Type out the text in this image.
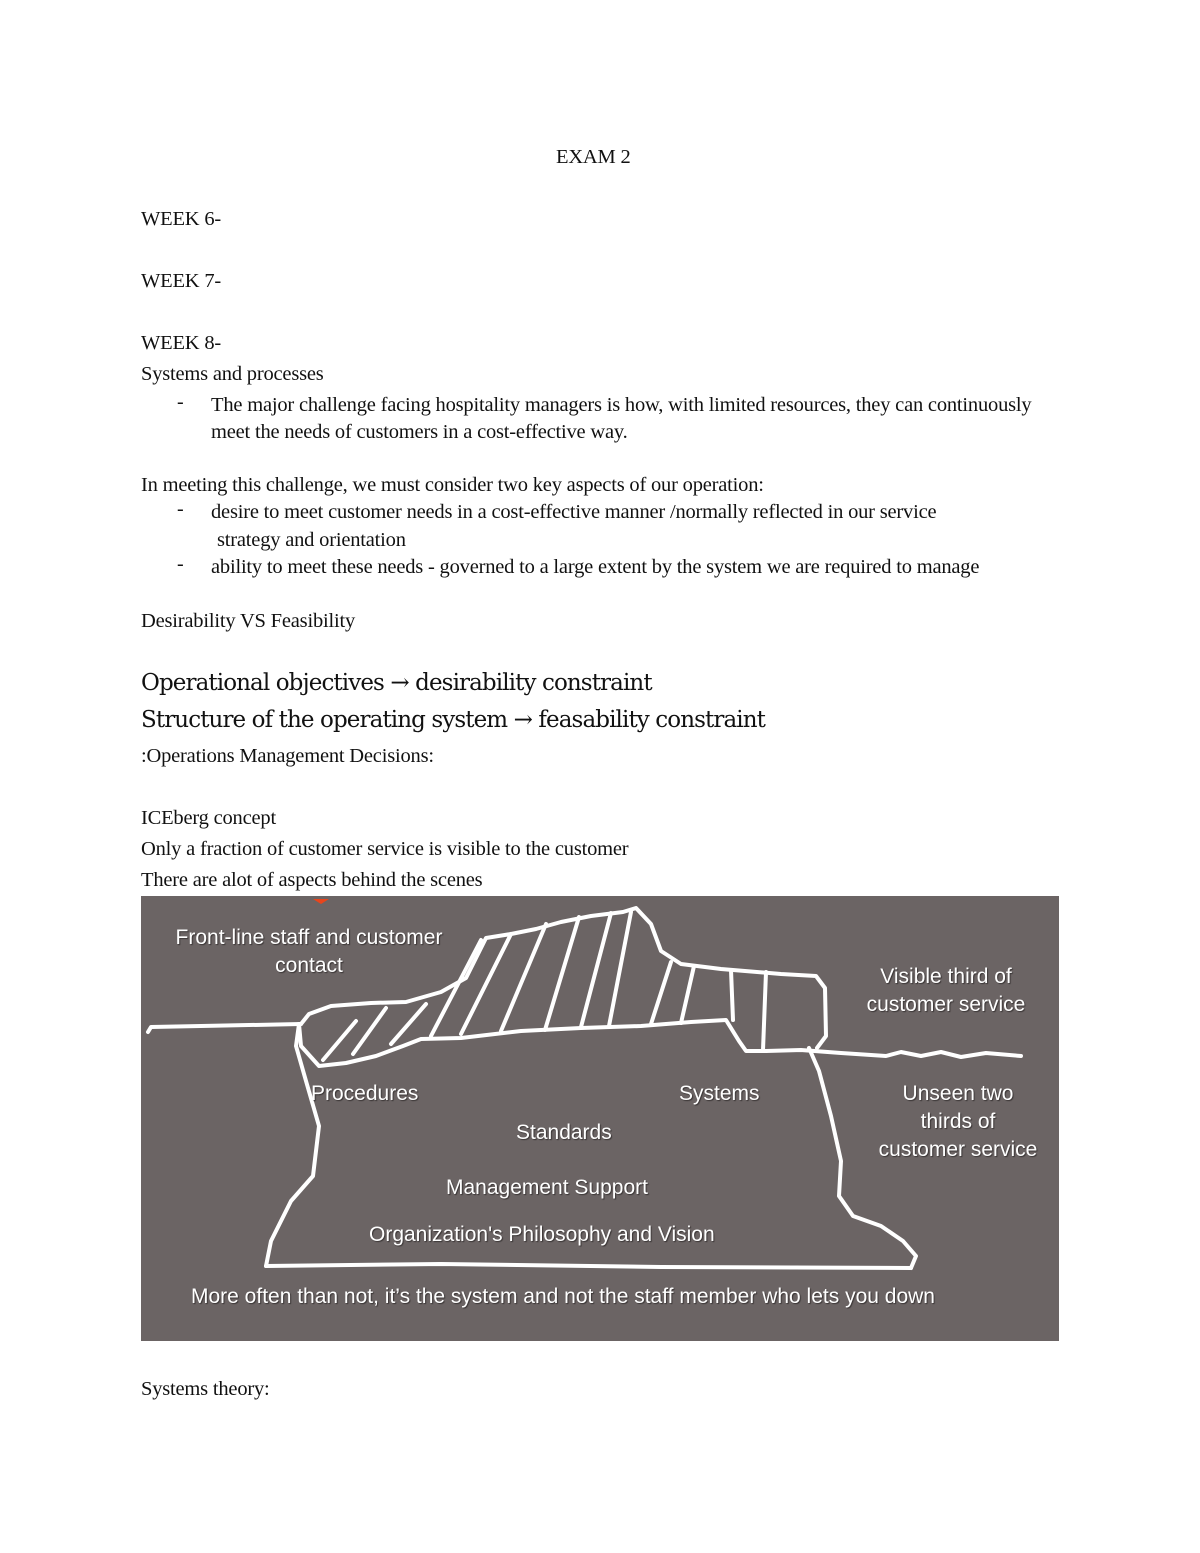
EXAM 2

WEEK 6-

WEEK 7-

WEEK 8-

Systems and processes

- The major challenge facing hospitality managers is how, with limited resources, they can continuously

meet the needs of customers in a cost-effective way.

In meeting this challenge, we must consider two key aspects of our operation:

- desire to meet customer needs in a cost-effective manner /normally reflected in our service

strategy and orientation

- ability to meet these needs - governed to a large extent by the system we are required to manage

Desirability VS Feasibility

Operational objectives → desirability constraint

Structure of the operating system → feasability constraint

:Operations Management Decisions:

ICEberg concept

Only a fraction of customer service is visible to the customer

There are alot of aspects behind the scenes

Front-line staff and customer
contact	Visible third of
customer service
Procedures	Systems
Standards
Unseen two
thirds of
customer service
Management Support
Organization's Philosophy and Vision
More often than not, it’s the system and not the staff member who lets you down

Systems theory:
